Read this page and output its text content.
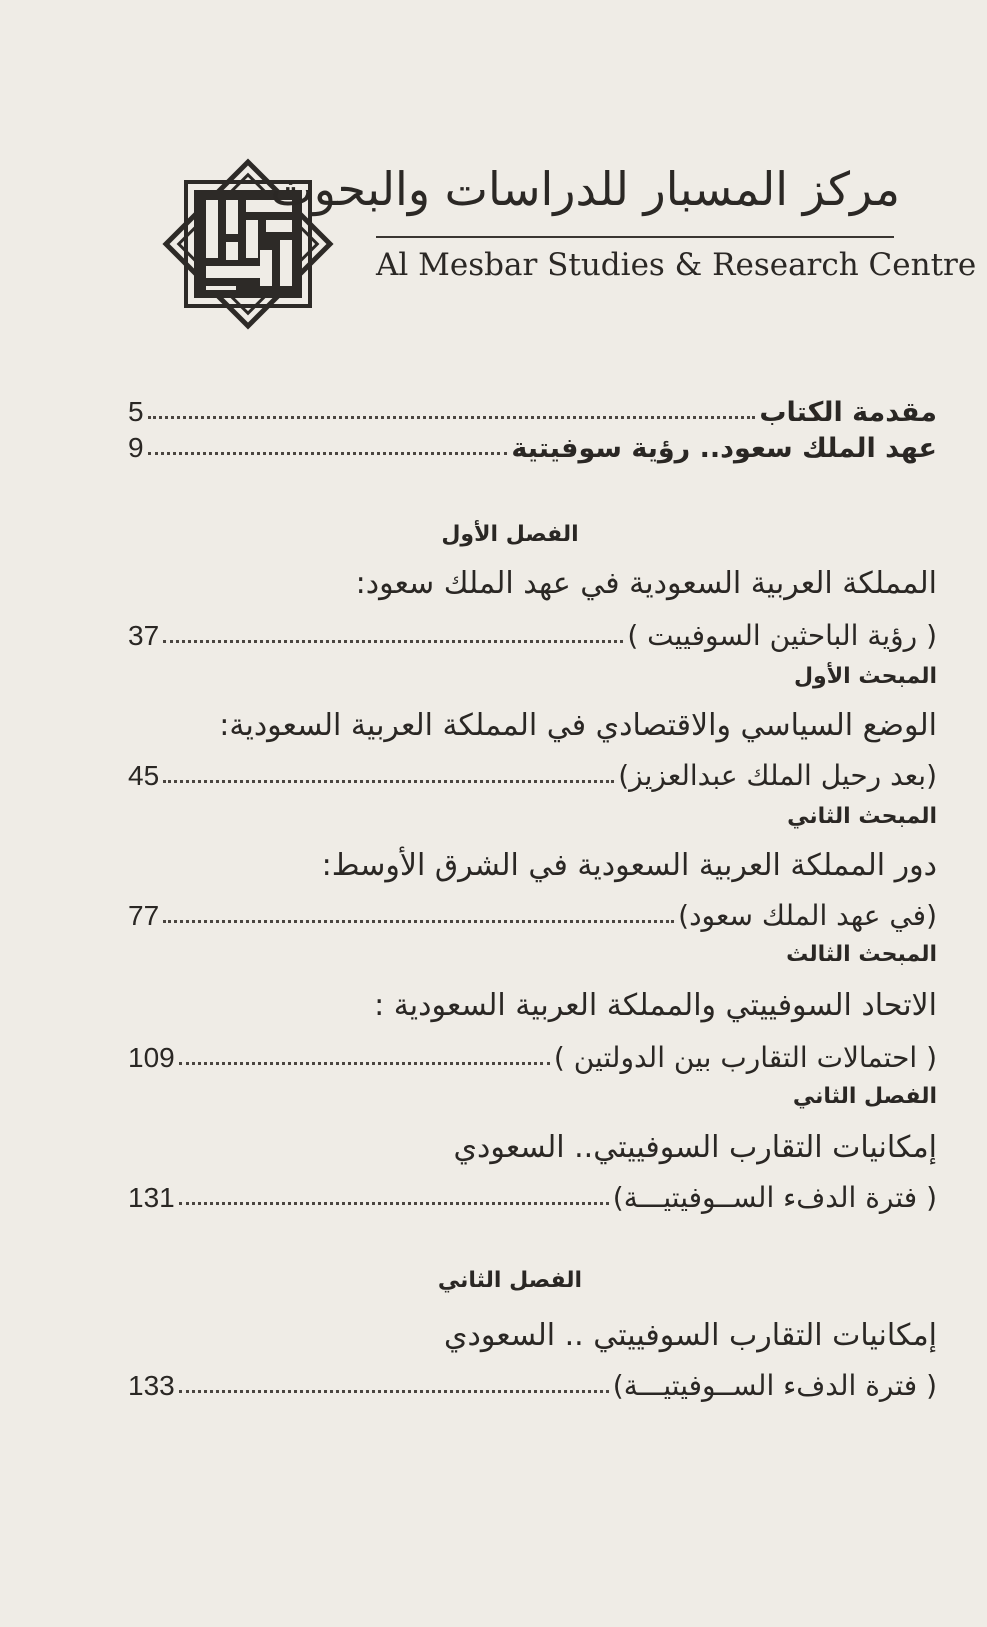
مركز المسبار للدراسات والبحوث
Al Mesbar Studies & Research Centre
مقدمة الكتاب
5
عهد الملك سعود.. رؤية سوفيتية
9
الفصل الأول
المملكة العربية السعودية في عهد الملك سعود:
( رؤية الباحثين السوفييت )
37
المبحث الأول
الوضع السياسي والاقتصادي في المملكة العربية السعودية:
(بعد رحيل الملك عبدالعزيز)
45
المبحث الثاني
دور المملكة العربية السعودية في الشرق الأوسط:
(في عهد الملك سعود)
77
المبحث الثالث
الاتحاد السوفييتي والمملكة العربية السعودية :
( احتمالات التقارب بين الدولتين )
109
الفصل الثاني
إمكانيات التقارب السوفييتي.. السعودي
( فترة الدفء الســوفيتيـــة)
131
الفصل الثاني
إمكانيات التقارب السوفييتي .. السعودي
( فترة الدفء الســوفيتيـــة)
133
